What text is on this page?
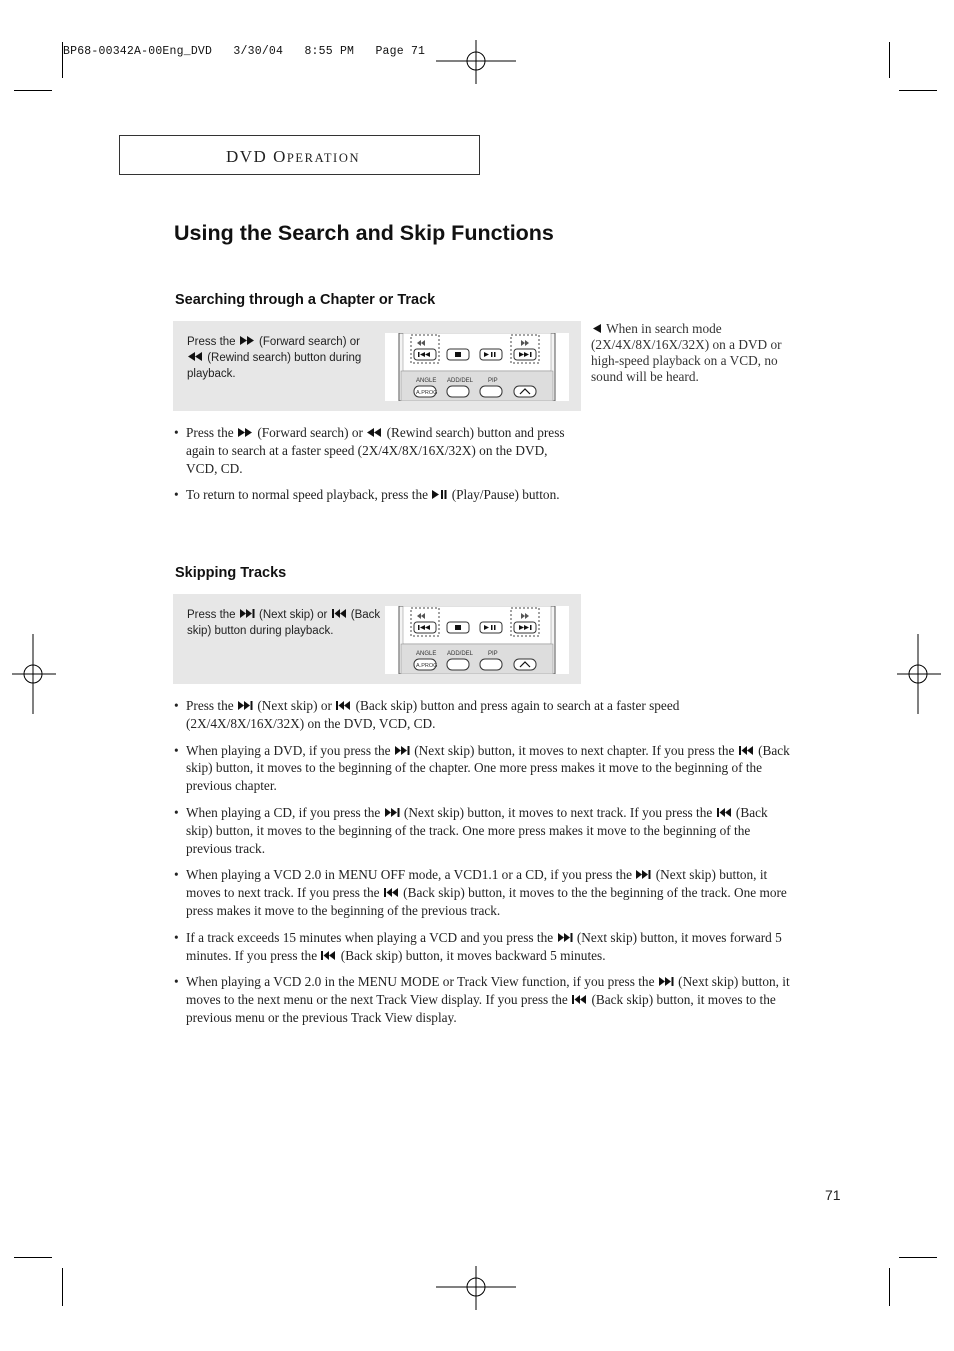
BP68-00342A-00Eng_DVD   3/30/04   8:55 PM   Page 71
DVD OPERATION
Using the Search and Skip Functions
Searching through a Chapter or Track
Press the (Forward search) or
(Rewind search) button during playback.
ANGLE ADD/DEL PIP
A.PROG
When in search mode (2X/4X/8X/16X/32X) on a DVD or high-speed playback on a VCD, no sound will be heard.
• Press the (Forward search) or (Rewind search) button and press again to search at a faster speed (2X/4X/8X/16X/32X) on the DVD, VCD, CD.
• To return to normal speed playback, press the (Play/Pause) button.
Skipping Tracks
Press the (Next skip) or (Back skip) button during playback.
ANGLE ADD/DEL PIP
A.PROG
• Press the (Next skip) or (Back skip) button and press again to search at a faster speed (2X/4X/8X/16X/32X) on the DVD, VCD, CD.
• When playing a DVD, if you press the (Next skip) button, it moves to next chapter. If you press the (Back skip) button, it moves to the beginning of the chapter. One more press makes it move to the beginning of the previous chapter.
• When playing a CD, if you press the (Next skip) button, it moves to next track. If you press the (Back skip) button, it moves to the beginning of the track. One more press makes it move to the beginning of the previous track.
• When playing a VCD 2.0 in MENU OFF mode, a VCD1.1 or a CD, if you press the (Next skip) button, it moves to next track. If you press the (Back skip) button, it moves to the the beginning of the track. One more press makes it move to the beginning of the previous track.
• If a track exceeds 15 minutes when playing a VCD and you press the (Next skip) button, it moves forward 5 minutes. If you press the (Back skip) button, it moves backward 5 minutes.
• When playing a VCD 2.0 in the MENU MODE or Track View function, if you press the (Next skip) button, it moves to the next menu or the next Track View display. If you press the (Back skip) button, it moves to the previous menu or the previous Track View display.
71
